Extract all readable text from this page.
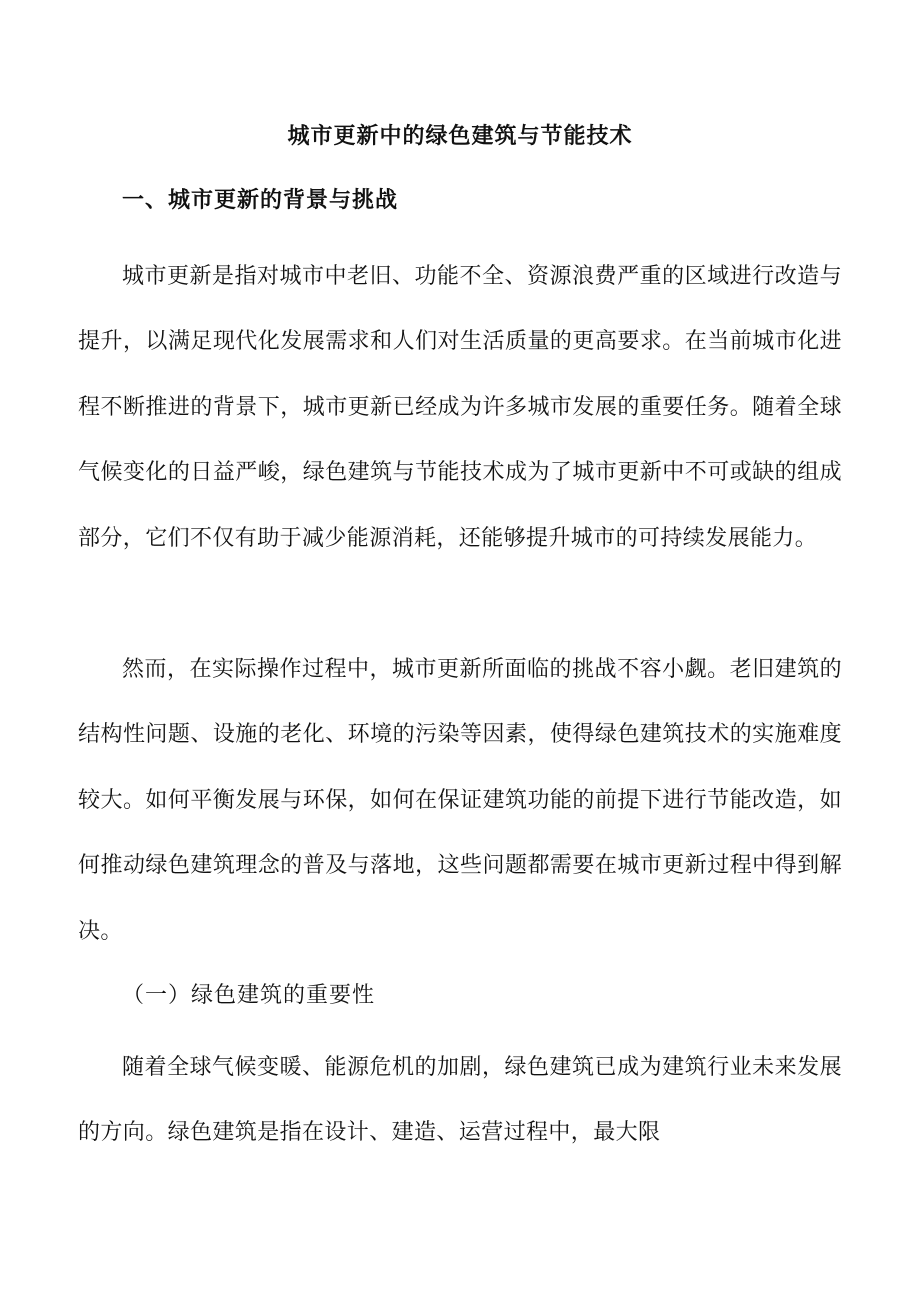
城市更新中的绿色建筑与节能技术
一、城市更新的背景与挑战

城市更新是指对城市中老旧、功能不全、资源浪费严重的区域进行改造与提升，以满足现代化发展需求和人们对生活质量的更高要求。在当前城市化进程不断推进的背景下，城市更新已经成为许多城市发展的重要任务。随着全球气候变化的日益严峻，绿色建筑与节能技术成为了城市更新中不可或缺的组成部分，它们不仅有助于减少能源消耗，还能够提升城市的可持续发展能力。

然而，在实际操作过程中，城市更新所面临的挑战不容小觑。老旧建筑的结构性问题、设施的老化、环境的污染等因素，使得绿色建筑技术的实施难度较大。如何平衡发展与环保，如何在保证建筑功能的前提下进行节能改造，如何推动绿色建筑理念的普及与落地，这些问题都需要在城市更新过程中得到解决。

（一）绿色建筑的重要性

随着全球气候变暖、能源危机的加剧，绿色建筑已成为建筑行业未来发展的方向。绿色建筑是指在设计、建造、运营过程中，最大限
